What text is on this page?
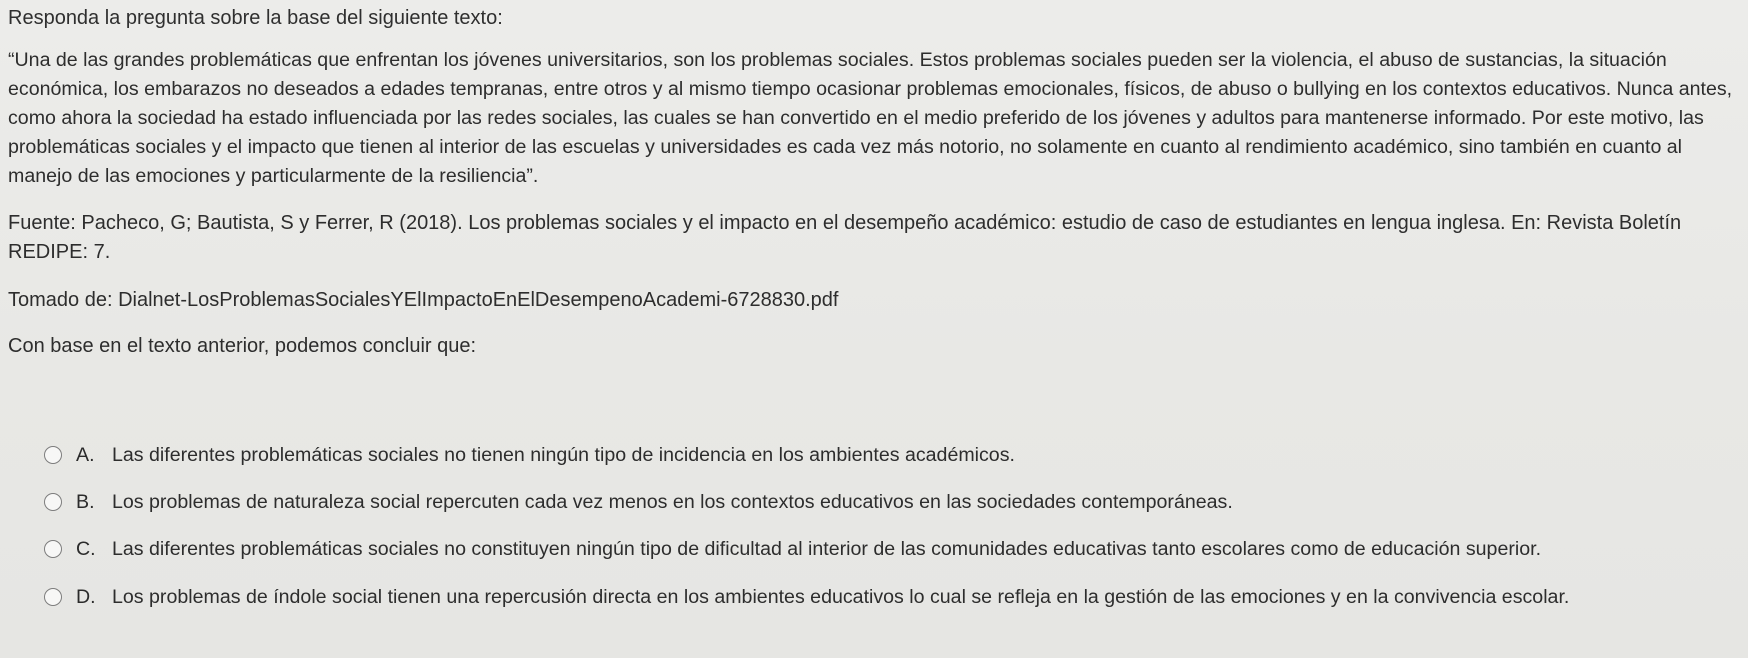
Responda la pregunta sobre la base del siguiente texto:
“Una de las grandes problemáticas que enfrentan los jóvenes universitarios, son los problemas sociales. Estos problemas sociales pueden ser la violencia, el abuso de sustancias, la situación económica, los embarazos no deseados a edades tempranas, entre otros y al mismo tiempo ocasionar problemas emocionales, físicos, de abuso o bullying en los contextos educativos. Nunca antes, como ahora la sociedad ha estado influenciada por las redes sociales, las cuales se han convertido en el medio preferido de los jóvenes y adultos para mantenerse informado. Por este motivo, las problemáticas sociales y el impacto que tienen al interior de las escuelas y universidades es cada vez más notorio, no solamente en cuanto al rendimiento académico, sino también en cuanto al manejo de las emociones y particularmente de la resiliencia”.
Fuente: Pacheco, G; Bautista, S y Ferrer, R (2018). Los problemas sociales y el impacto en el desempeño académico: estudio de caso de estudiantes en lengua inglesa. En: Revista Boletín REDIPE: 7.
Tomado de: Dialnet-LosProblemasSocialesYElImpactoEnElDesempenoAcademi-6728830.pdf
Con base en el texto anterior, podemos concluir que:
A. Las diferentes problemáticas sociales no tienen ningún tipo de incidencia en los ambientes académicos.
B. Los problemas de naturaleza social repercuten cada vez menos en los contextos educativos en las sociedades contemporáneas.
C. Las diferentes problemáticas sociales no constituyen ningún tipo de dificultad al interior de las comunidades educativas tanto escolares como de educación superior.
D. Los problemas de índole social tienen una repercusión directa en los ambientes educativos lo cual se refleja en la gestión de las emociones y en la convivencia escolar.
